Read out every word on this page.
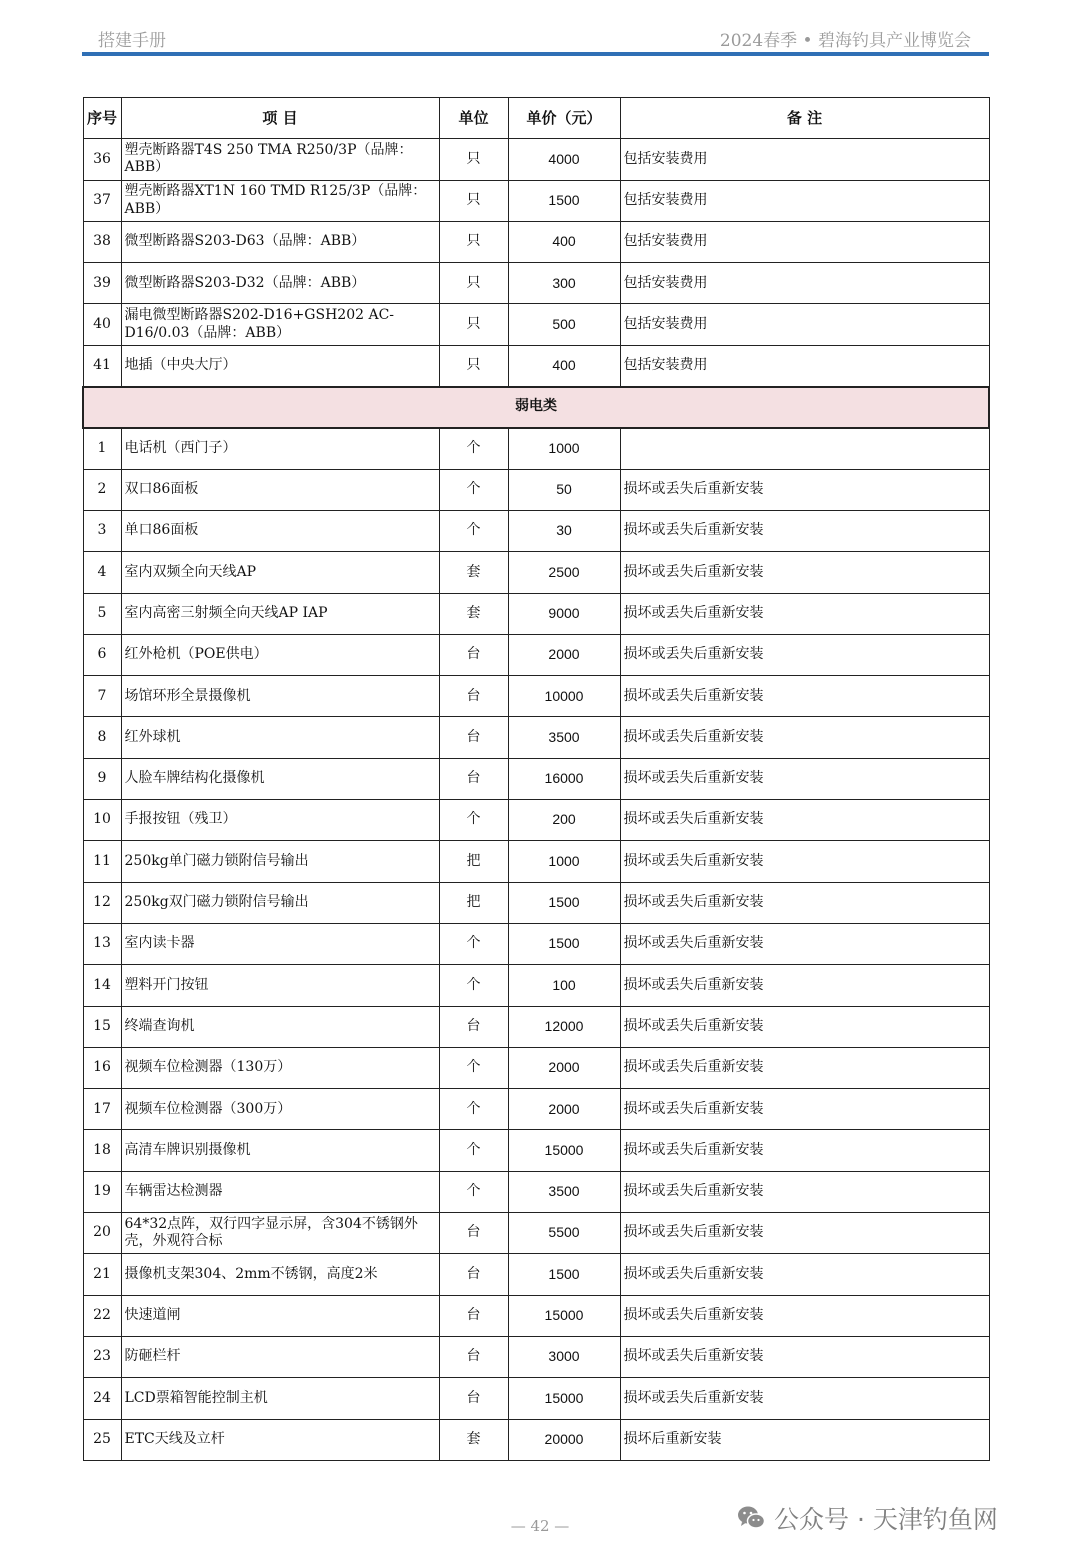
搭建手册	2024春季 • 碧海钓具产业博览会
序号	项 目	单位	单价（元）	备 注
36	塑壳断路器T4S 250 TMA R250/3P（品牌：ABB）	只	4000	包括安装费用
37	塑壳断路器XT1N 160 TMD R125/3P（品牌：ABB）	只	1500	包括安装费用
38	微型断路器S203-D63（品牌：ABB）	只	400	包括安装费用
39	微型断路器S203-D32（品牌：ABB）	只	300	包括安装费用
40	漏电微型断路器S202-D16+GSH202 AC-D16/0.03（品牌：ABB）	只	500	包括安装费用
41	地插（中央大厅）	只	400	包括安装费用
弱电类				
1	电话机（西门子）	个	1000	
2	双口86面板	个	50	损坏或丢失后重新安装
3	单口86面板	个	30	损坏或丢失后重新安装
4	室内双频全向天线AP	套	2500	损坏或丢失后重新安装
5	室内高密三射频全向天线AP IAP	套	9000	损坏或丢失后重新安装
6	红外枪机（POE供电）	台	2000	损坏或丢失后重新安装
7	场馆环形全景摄像机	台	10000	损坏或丢失后重新安装
8	红外球机	台	3500	损坏或丢失后重新安装
9	人脸车牌结构化摄像机	台	16000	损坏或丢失后重新安装
10	手报按钮（残卫）	个	200	损坏或丢失后重新安装
11	250kg单门磁力锁附信号输出	把	1000	损坏或丢失后重新安装
12	250kg双门磁力锁附信号输出	把	1500	损坏或丢失后重新安装
13	室内读卡器	个	1500	损坏或丢失后重新安装
14	塑料开门按钮	个	100	损坏或丢失后重新安装
15	终端查询机	台	12000	损坏或丢失后重新安装
16	视频车位检测器（130万）	个	2000	损坏或丢失后重新安装
17	视频车位检测器（300万）	个	2000	损坏或丢失后重新安装
18	高清车牌识别摄像机	个	15000	损坏或丢失后重新安装
19	车辆雷达检测器	个	3500	损坏或丢失后重新安装
20	64*32点阵，双行四字显示屏，含304不锈钢外壳，外观符合标	台	5500	损坏或丢失后重新安装
21	摄像机支架304、2mm不锈钢，高度2米	台	1500	损坏或丢失后重新安装
22	快速道闸	台	15000	损坏或丢失后重新安装
23	防砸栏杆	台	3000	损坏或丢失后重新安装
24	LCD票箱智能控制主机	台	15000	损坏或丢失后重新安装
25	ETC天线及立杆	套	20000	损坏后重新安装
— 42 —	公众号 · 天津钓鱼网
